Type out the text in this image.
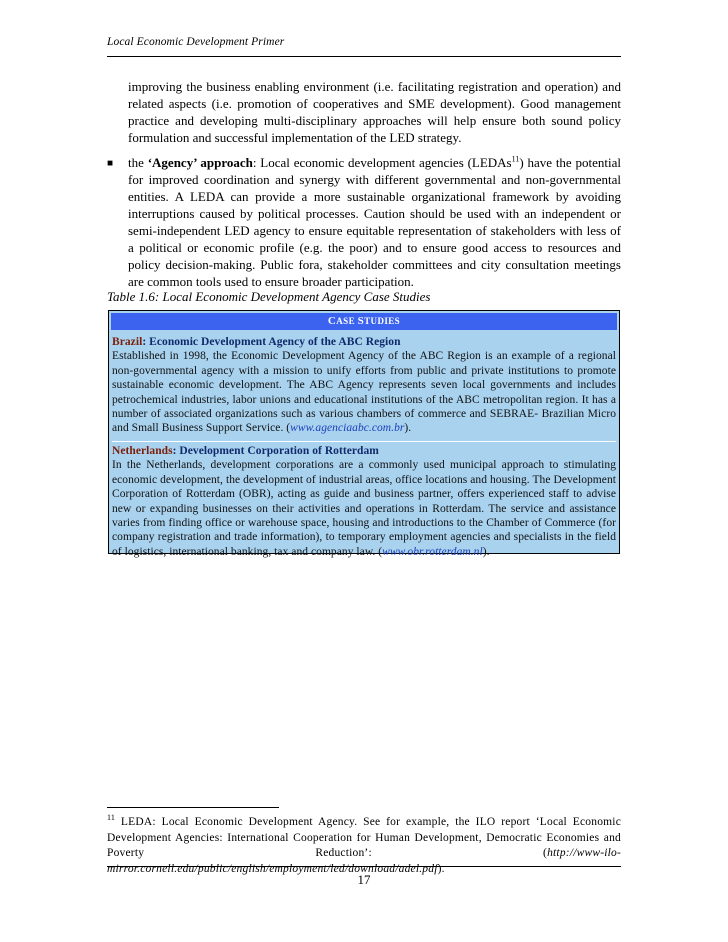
Local Economic Development Primer
improving the business enabling environment (i.e. facilitating registration and operation) and related aspects (i.e. promotion of cooperatives and SME development). Good management practice and developing multi-disciplinary approaches will help ensure both sound policy formulation and successful implementation of the LED strategy.
■	the ‘Agency’ approach: Local economic development agencies (LEDAs$^{11}$) have the potential for improved coordination and synergy with different governmental and non-governmental entities. A LEDA can provide a more sustainable organizational framework by avoiding interruptions caused by political processes. Caution should be used with an independent or semi-independent LED agency to ensure equitable representation of stakeholders with less of a political or economic profile (e.g. the poor) and to ensure good access to resources and policy decision-making. Public fora, stakeholder committees and city consultation meetings are common tools used to ensure broader participation.
Table 1.6: Local Economic Development Agency Case Studies
CASE STUDIES
Brazil: Economic Development Agency of the ABC Region
Established in 1998, the Economic Development Agency of the ABC Region is an example of a regional non-governmental agency with a mission to unify efforts from public and private institutions to promote sustainable economic development. The ABC Agency represents seven local governments and includes petrochemical industries, labor unions and educational institutions of the ABC metropolitan region. It has a number of associated organizations such as various chambers of commerce and SEBRAE- Brazilian Micro and Small Business Support Service. (www.agenciaabc.com.br).
Netherlands: Development Corporation of Rotterdam
In the Netherlands, development corporations are a commonly used municipal approach to stimulating economic development, the development of industrial areas, office locations and housing. The Development Corporation of Rotterdam (OBR), acting as guide and business partner, offers experienced staff to advise new or expanding businesses on their activities and operations in Rotterdam. The service and assistance varies from finding office or warehouse space, housing and introductions to the Chamber of Commerce (for company registration and trade information), to temporary employment agencies and specialists in the field of logistics, international banking, tax and company law. (www.obr.rotterdam.nl).
$^{11}$ LEDA: Local Economic Development Agency. See for example, the ILO report ‘Local Economic Development Agencies: International Cooperation for Human Development, Democratic Economies and Poverty Reduction’: (http://www-ilo-mirror.cornell.edu/public/english/employment/led/download/adel.pdf).
17
